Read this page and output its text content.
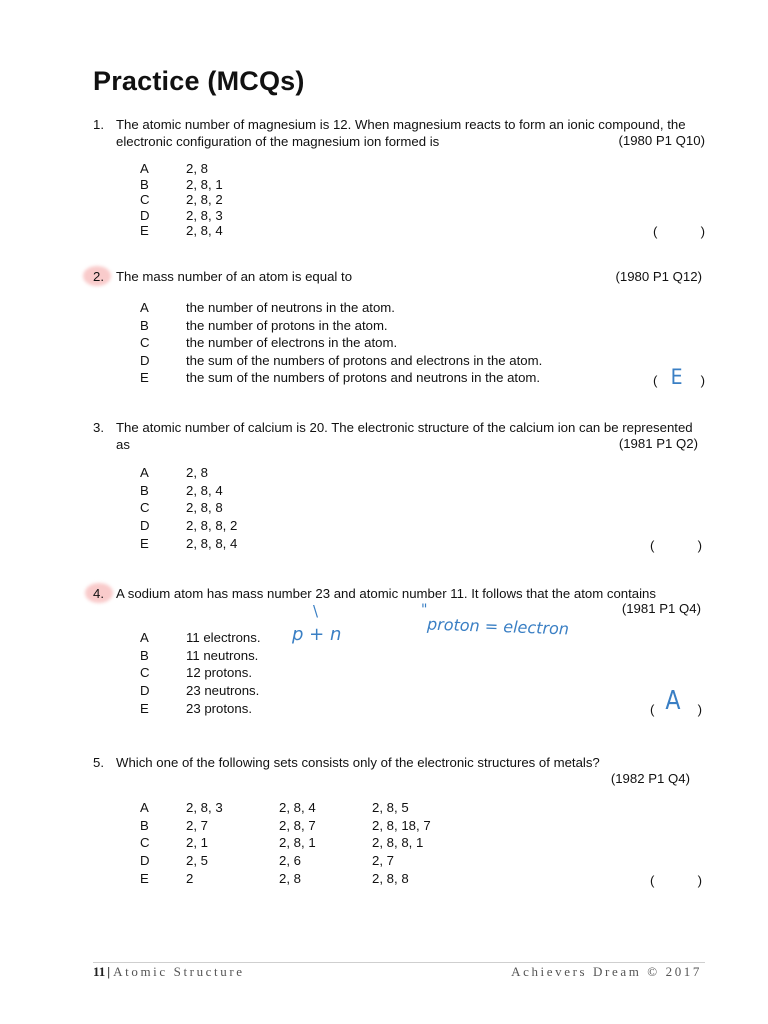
Practice (MCQs)
1. The atomic number of magnesium is 12. When magnesium reacts to form an ionic compound, the electronic configuration of the magnesium ion formed is	(1980 P1 Q10)
A	2, 8
B	2, 8, 1
C	2, 8, 2
D	2, 8, 3
E	2, 8, 4	(	)
2. The mass number of an atom is equal to	(1980 P1 Q12)
A	the number of neutrons in the atom.
B	the number of protons in the atom.
C	the number of electrons in the atom.
D	the sum of the numbers of protons and electrons in the atom.
E	the sum of the numbers of protons and neutrons in the atom.	( E )
3. The atomic number of calcium is 20. The electronic structure of the calcium ion can be represented as	(1981 P1 Q2)
A	2, 8
B	2, 8, 4
C	2, 8, 8
D	2, 8, 8, 2
E	2, 8, 8, 4	(	)
4. A sodium atom has mass number 23 and atomic number 11. It follows that the atom contains
(1981 P1 Q4)
A	11 electrons.
B	11 neutrons.
C	12 protons.
D	23 neutrons.
E	23 protons.	( A )
\
p + n
"
proton = electron
5. Which one of the following sets consists only of the electronic structures of metals?
(1982 P1 Q4)
A	2, 8, 3	2, 8, 4	2, 8, 5
B	2, 7	2, 8, 7	2, 8, 18, 7
C	2, 1	2, 8, 1	2, 8, 8, 1
D	2, 5	2, 6	2, 7
E	2	2, 8	2, 8, 8	(	)
11 | Atomic Structure	Achievers Dream © 2017
